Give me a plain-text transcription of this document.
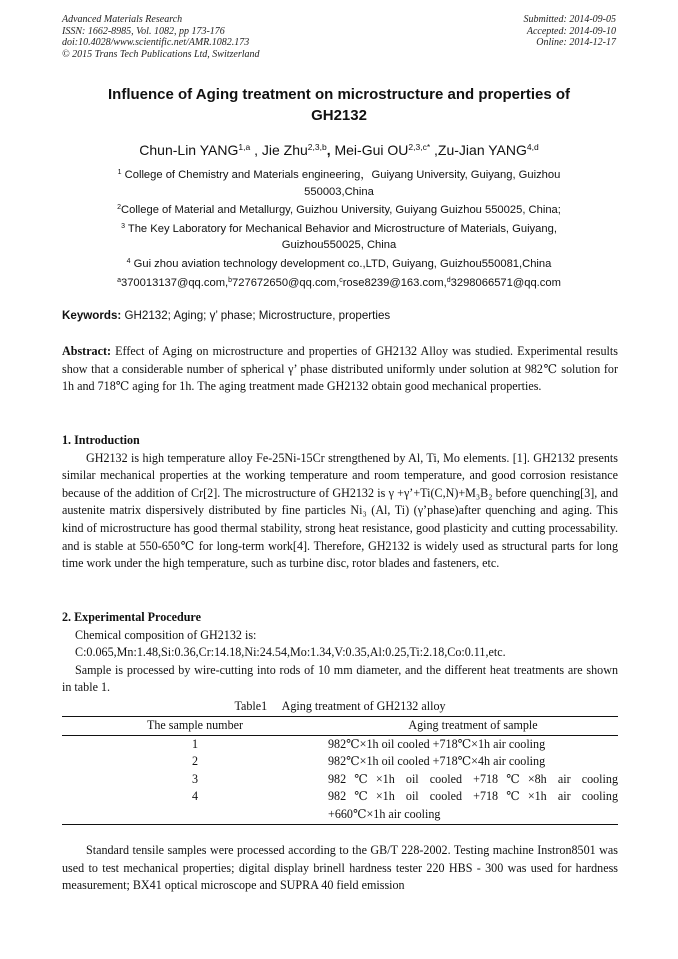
Advanced Materials Research
ISSN: 1662-8985, Vol. 1082, pp 173-176
doi:10.4028/www.scientific.net/AMR.1082.173
© 2015 Trans Tech Publications Ltd, Switzerland
Submitted: 2014-09-05
Accepted: 2014-09-10
Online: 2014-12-17
Influence of Aging treatment on microstructure and properties of
GH2132
Chun-Lin YANG$^{1,a}$ , Jie Zhu$^{2,3,b}$, Mei-Gui $OU^{2,3,c*}$ ,Zu-Jian YANG$^{4,d}$
$^1$ College of Chemistry and Materials engineering，Guiyang University, Guiyang, Guizhou
550003,China
$^2$College of Material and Metallurgy, Guizhou University, Guiyang Guizhou 550025, China;
$^3$ The Key Laboratory for Mechanical Behavior and Microstructure of Materials, Guiyang,
Guizhou550025, China
$^4$ Gui zhou aviation technology development co.,LTD, Guiyang, Guizhou550081,China
$^a$370013137@qq.com,$^b$727672650@qq.com,$^c$rose8239@163.com,$^d$3298066571@qq.com
Keywords: GH2132; Aging; γ’ phase; Microstructure, properties

Abstract: Effect of Aging on microstructure and properties of GH2132 Alloy was studied. Experimental results show that a considerable number of spherical γ’ phase distributed uniformly under solution at 982℃ solution for 1h and 718℃ aging for 1h. The aging treatment made GH2132 obtain good mechanical properties.

1. Introduction

GH2132 is high temperature alloy Fe-25Ni-15Cr strengthened by Al, Ti, Mo elements. [1]. GH2132 presents similar mechanical properties at the working temperature and room temperature, and good corrosion resistance because of the addition of Cr[2]. The microstructure of GH2132 is γ +γ’+Ti(C,N)+M₃B₂ before quenching[3], and austenite matrix dispersively distributed by fine particles Ni₃ (Al, Ti) (γ’phase)after quenching and aging. This kind of microstructure has good thermal stability, strong heat resistance, good plasticity and cutting processability. and is stable at 550-650℃ for long-term work[4]. Therefore, GH2132 is widely used as structural parts for long time work under the high temperature, such as turbine disc, rotor blades and fasteners, etc.

2. Experimental Procedure

Chemical composition of GH2132 is:

C:0.065,Mn:1.48,Si:0.36,Cr:14.18,Ni:24.54,Mo:1.34,V:0.35,Al:0.25,Ti:2.18,Co:0.11,etc.

Sample is processed by wire-cutting into rods of 10 mm diameter, and the different heat treatments are shown in table 1.

Table1     Aging treatment of GH2132 alloy
The sample number	Aging treatment of sample
1	982℃×1h oil cooled +718℃×1h air cooling

2	982℃×1h oil cooled +718℃×4h air cooling

3	982℃×1h oil cooled +718℃×8h air cooling

4	982℃×1h oil cooled +718℃×1h air cooling
+660℃×1h air cooling

Standard tensile samples were processed according to the GB/T 228-2002. Testing machine Instron8501 was used to test mechanical properties; digital display brinell hardness tester 220 HBS - 300 was used for hardness measurement; BX41 optical microscope and SUPRA 40 field emission
